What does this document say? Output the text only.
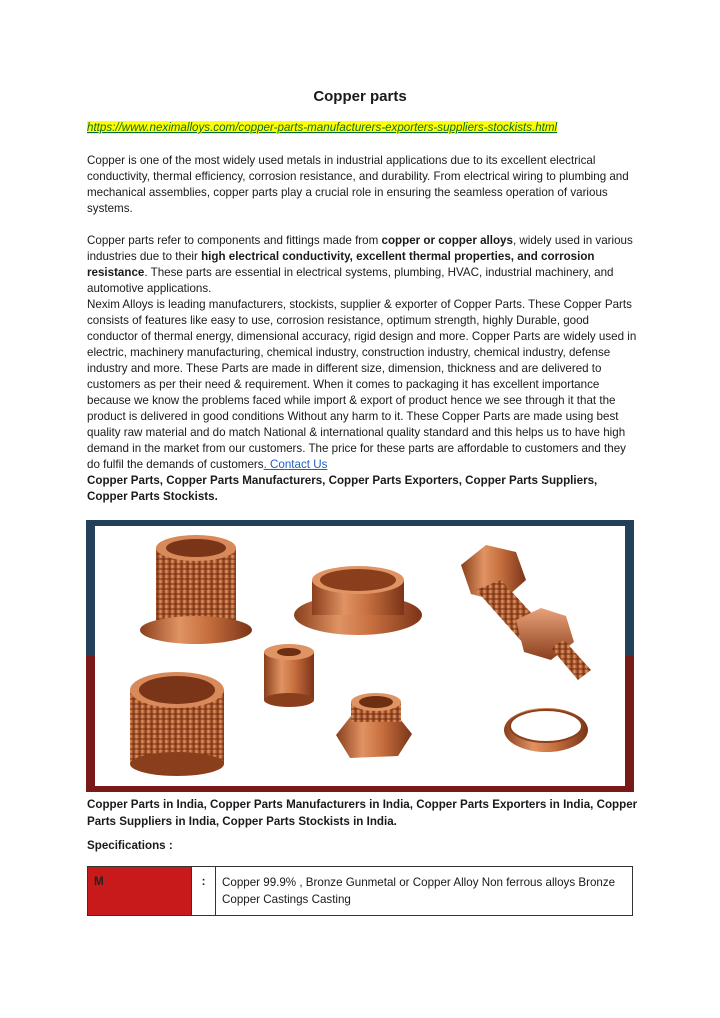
Copper parts
https://www.neximalloys.com/copper-parts-manufacturers-exporters-suppliers-stockists.html
Copper is one of the most widely used metals in industrial applications due to its excellent electrical conductivity, thermal efficiency, corrosion resistance, and durability. From electrical wiring to plumbing and mechanical assemblies, copper parts play a crucial role in ensuring the seamless operation of various systems.
Copper parts refer to components and fittings made from copper or copper alloys, widely used in various industries due to their high electrical conductivity, excellent thermal properties, and corrosion resistance. These parts are essential in electrical systems, plumbing, HVAC, industrial machinery, and automotive applications.
Nexim Alloys is leading manufacturers, stockists, supplier & exporter of Copper Parts. These Copper Parts consists of features like easy to use, corrosion resistance, optimum strength, highly Durable, good conductor of thermal energy, dimensional accuracy, rigid design and more. Copper Parts are widely used in electric, machinery manufacturing, chemical industry, construction industry, chemical industry, defense industry and more. These Parts are made in different size, dimension, thickness and are delivered to customers as per their need & requirement. When it comes to packaging it has excellent importance because we know the problems faced while import & export of product hence we see through it that the product is delivered in good conditions Without any harm to it. These Copper Parts are made using best quality raw material and do match National & international quality standard and this helps us to have high demand in the market from our customers. The price for these parts are affordable to customers and they do fulfil the demands of customers. Contact Us
Copper Parts, Copper Parts Manufacturers, Copper Parts Exporters, Copper Parts Suppliers, Copper Parts Stockists.
Copper Parts in India, Copper Parts Manufacturers in India, Copper Parts Exporters in India, Copper Parts Suppliers in India, Copper Parts Stockists in India.
Specifications :
M	:	Copper 99.9% , Bronze Gunmetal or Copper Alloy Non ferrous alloys Bronze Copper Castings Casting
